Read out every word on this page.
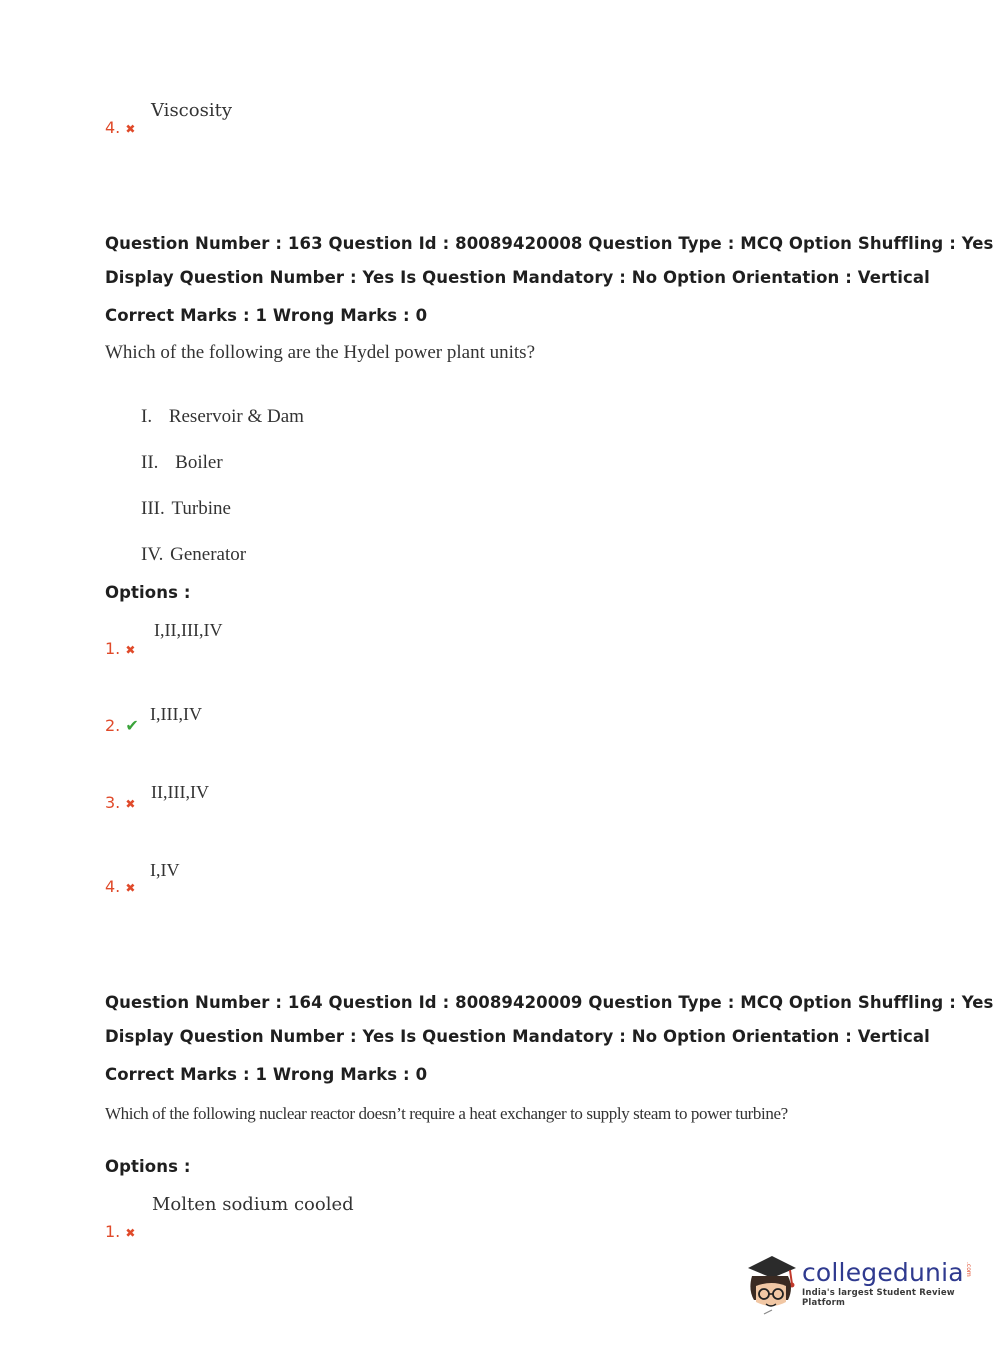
Viscosity
4. ✖
Question Number : 163 Question Id : 80089420008 Question Type : MCQ Option Shuffling : Yes
Display Question Number : Yes Is Question Mandatory : No Option Orientation : Vertical
Correct Marks : 1 Wrong Marks : 0
Which of the following are the Hydel power plant units?
I. Reservoir & Dam
II. Boiler
III. Turbine
IV. Generator
Options :
I,II,III,IV
1. ✖
I,III,IV
2. ✔
II,III,IV
3. ✖
I,IV
4. ✖
Question Number : 164 Question Id : 80089420009 Question Type : MCQ Option Shuffling : Yes
Display Question Number : Yes Is Question Mandatory : No Option Orientation : Vertical
Correct Marks : 1 Wrong Marks : 0
Which of the following nuclear reactor doesn’t require a heat exchanger to supply steam to power turbine?
Options :
Molten sodium cooled
1. ✖
collegedunia .com
India's largest Student Review Platform
